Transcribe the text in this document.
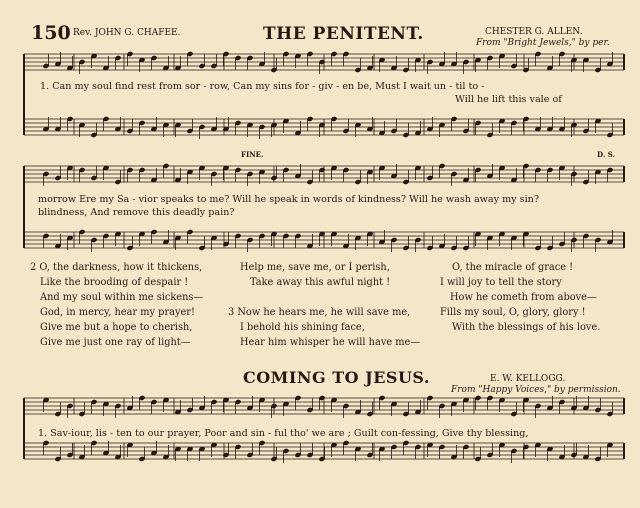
150 Rev. JOHN G. CHAFEE.	THE PENITENT.	CHESTER G. ALLEN.
From "Bright Jewels," by per.
1. Can my soul find rest from sor - row, Can my sins for - giv - en be, Must I wait un - til to -
Will he lift this vale of
FINE.	D. S.
morrow Ere my Sa - vior speaks to me? Will he speak in words of kindness? Will he wash away my sin?
blindness, And remove this deadly pain?
2 O, the darkness, how it thickens,
Like the brooding of despair !
And my soul within me sickens—
God, in mercy, hear my prayer!
Give me but a hope to cherish,
Give me just one ray of light—
Help me, save me, or I perish,
Take away this awful night !
3 Now he hears me, he will save me,
I behold his shining face,
Hear him whisper he will have me—
O, the miracle of grace !
I will joy to tell the story
How he cometh from above—
Fills my soul, O, glory, glory !
With the blessings of his love.
COMING TO JESUS.	E. W. KELLOGG.
From "Happy Voices," by permission.
1. Sav-iour, lis - ten to our prayer, Poor and sin - ful tho' we are ; Guilt con-fessing, Give thy blessing,
